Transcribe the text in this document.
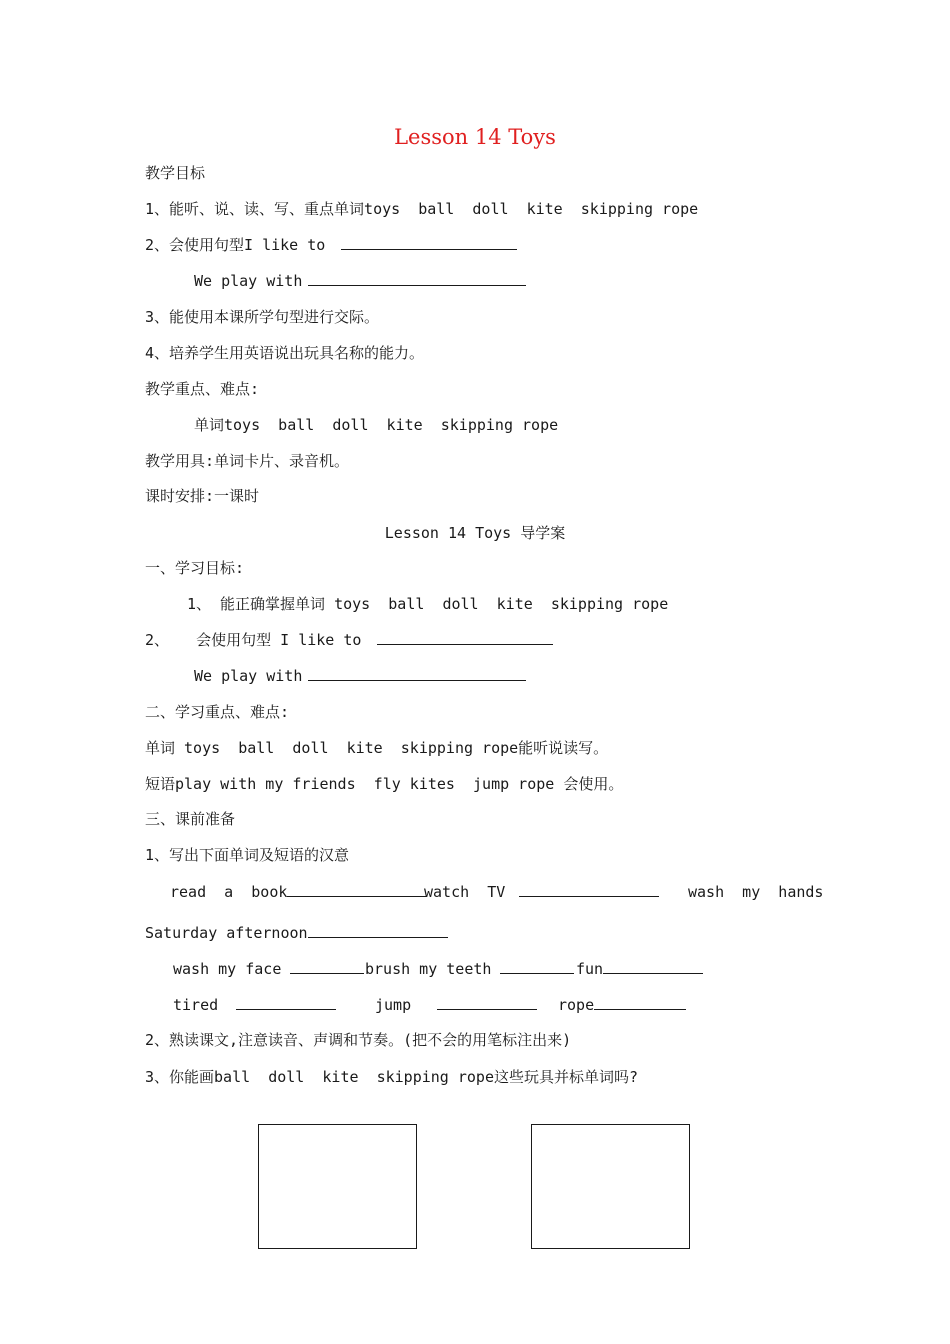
Lesson 14 Toys
教学目标
1、能听、说、读、写、重点单词toys  ball  doll  kite  skipping rope
2、会使用句型I like to
We play with
3、能使用本课所学句型进行交际。
4、培养学生用英语说出玩具名称的能力。
教学重点、难点:
单词toys  ball  doll  kite  skipping rope
教学用具:单词卡片、录音机。
课时安排:一课时
Lesson 14 Toys 导学案
一、学习目标:
1、 能正确掌握单词 toys  ball  doll  kite  skipping rope
2、   会使用句型 I like to
We play with
二、学习重点、难点:
单词 toys  ball  doll  kite  skipping rope能听说读写。
短语play with my friends  fly kites  jump rope 会使用。
三、课前准备
1、写出下面单词及短语的汉意
read  a  book	watch  TV	wash  my  hands
Saturday afternoon
wash my face	brush my teeth	fun
tired	jump	rope
2、熟读课文,注意读音、声调和节奏。(把不会的用笔标注出来)
3、你能画ball  doll  kite  skipping rope这些玩具并标单词吗?
